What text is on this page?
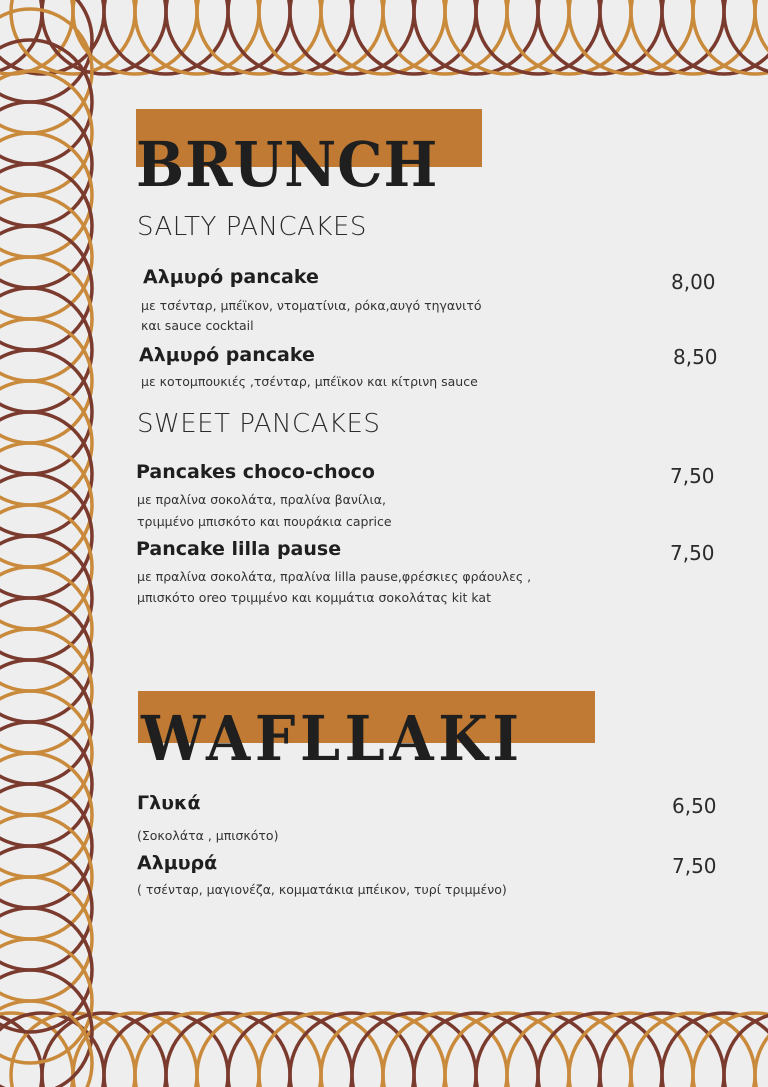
BRUNCH
SALTY PANCAKES
Αλμυρό pancake	8,00
με τσένταρ, μπέϊκον, ντοματίνια, ρόκα,αυγό τηγανιτό
και sauce cocktail
Αλμυρό pancake	8,50
με κοτομπουκιές ,τσένταρ, μπέϊκον και κίτρινη sauce
SWEET PANCAKES
Pancakes choco-choco	7,50
με πραλίνα σοκολάτα, πραλίνα βανίλια,
τριμμένο μπισκότο και πουράκια caprice
Pancake lilla pause	7,50
με πραλίνα σοκολάτα, πραλίνα lilla pause,φρέσκιες φράουλες ,
μπισκότο oreo τριμμένο και κομμάτια σοκολάτας kit kat
WAFLLAKI
Γλυκά	6,50
(Σοκολάτα , μπισκότο)
Αλμυρά	7,50
( τσένταρ, μαγιονέζα, κομματάκια μπέικον, τυρί τριμμένο)
